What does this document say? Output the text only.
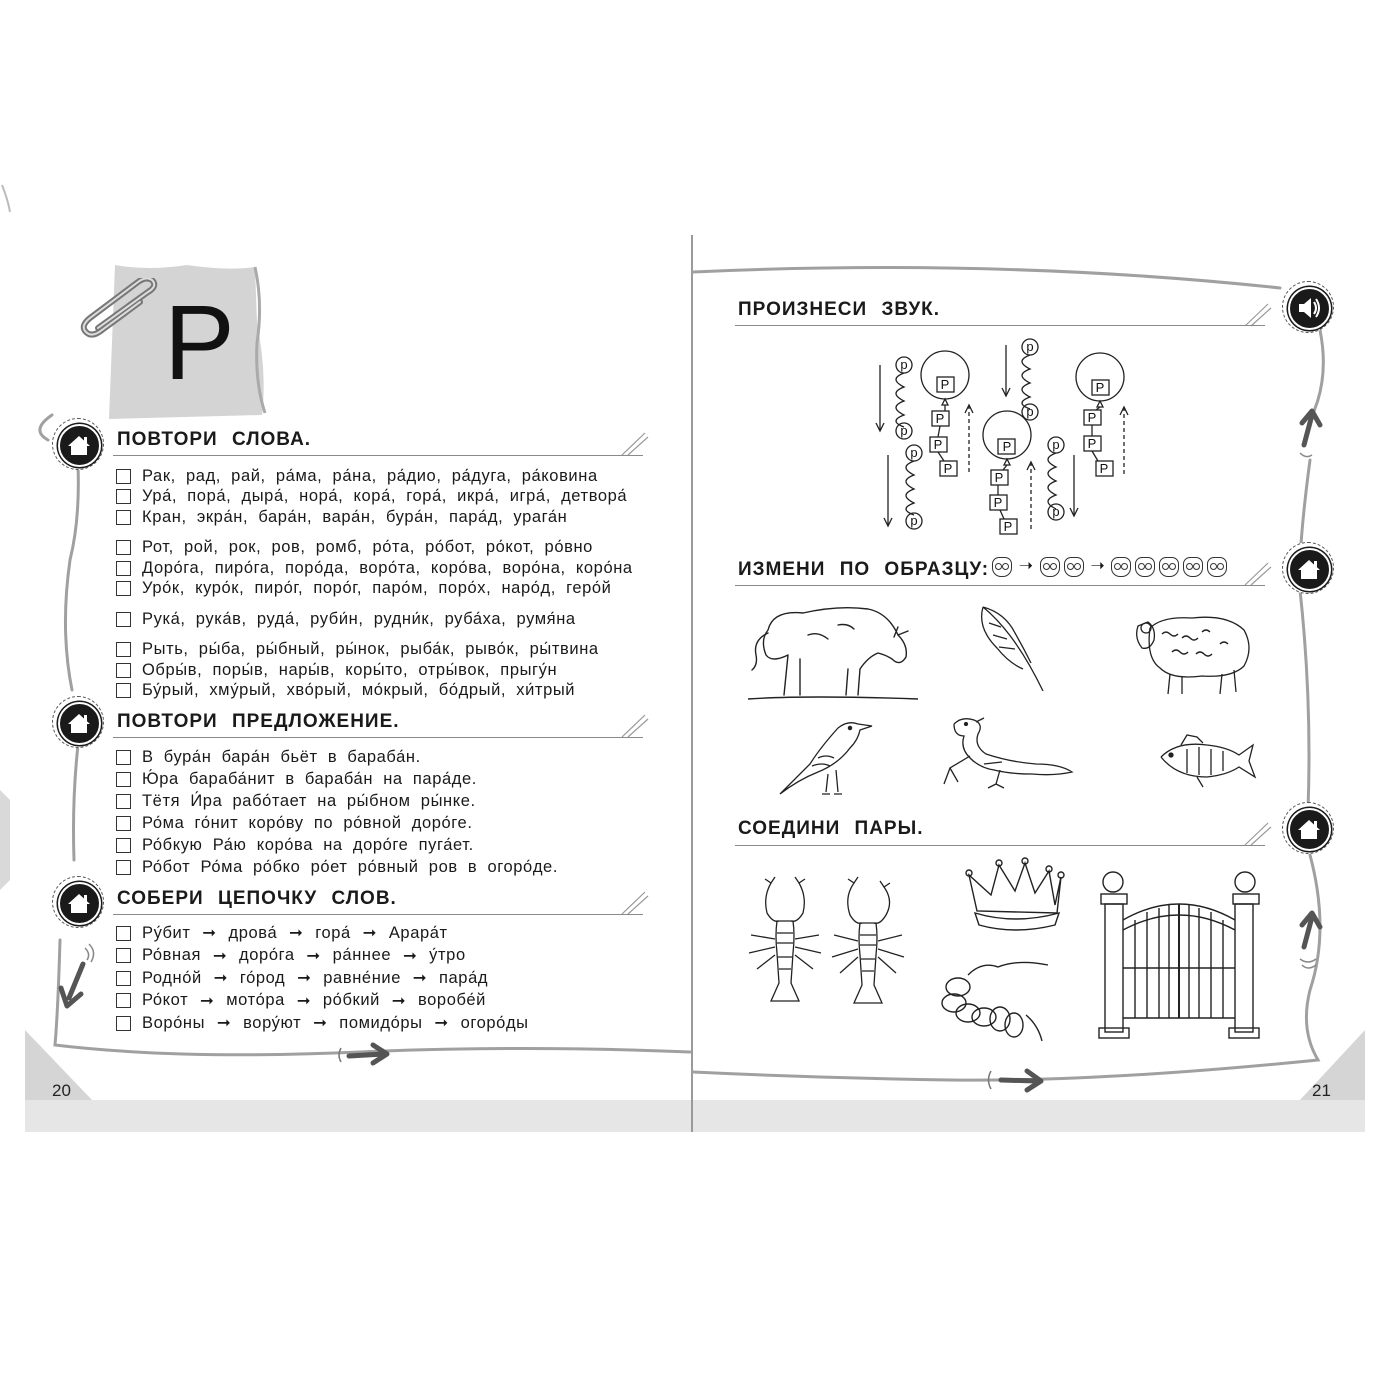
Р
ПОВТОРИ СЛОВА.
Рак, рад, рай, ра́ма, ра́на, ра́дио, ра́дуга, ра́ковина
Ура́, пора́, дыра́, нора́, кора́, гора́, икра́, игра́, детвора́
Кран, экра́н, бара́н, вара́н, бура́н, пара́д, урага́н
Рот, рой, рок, ров, ромб, ро́та, ро́бот, ро́кот, ро́вно
Доро́га, пиро́га, поро́да, воро́та, коро́ва, воро́на, коро́на
Уро́к, куро́к, пиро́г, поро́г, паро́м, поро́х, наро́д, геро́й
Рука́, рука́в, руда́, руби́н, рудни́к, руба́ха, румя́на
Рыть, ры́ба, ры́бный, ры́нок, рыба́к, рыво́к, ры́твина
Обры́в, поры́в, нары́в, коры́то, отры́вок, прыгу́н
Бу́рый, хму́рый, хво́рый, мо́крый, бо́дрый, хи́трый
ПОВТОРИ ПРЕДЛОЖЕНИЕ.
В бура́н бара́н бьёт в бараба́н.
Ю́ра бараба́нит в бараба́н на пара́де.
Тётя И́ра рабо́тает на ры́бном ры́нке.
Ро́ма го́нит коро́ву по ро́вной доро́ге.
Ро́бкую Ра́ю коро́ва на доро́ге пуга́ет.
Ро́бот Ро́ма ро́бко ро́ет ро́вный ров в огоро́де.
СОБЕРИ ЦЕПОЧКУ СЛОВ.
Ру́бит ➞ дрова́ ➞ гора́ ➞ Арара́т
Ро́вная ➞ доро́га ➞ ра́ннее ➞ у́тро
Родно́й ➞ го́род ➞ равне́ние ➞ пара́д
Ро́кот ➞ мото́ра ➞ ро́бкий ➞ воробе́й
Воро́ны ➞ вору́ют ➞ помидо́ры ➞ огоро́ды
20
ПРОИЗНЕСИ ЗВУК.
р
р
р
р
р
р
р
р
Р
Р
Р
Р
Р
Р
Р
Р
Р
Р
Р
Р
ИЗМЕНИ ПО ОБРАЗЦУ:	➝	➝
СОЕДИНИ ПАРЫ.
21
